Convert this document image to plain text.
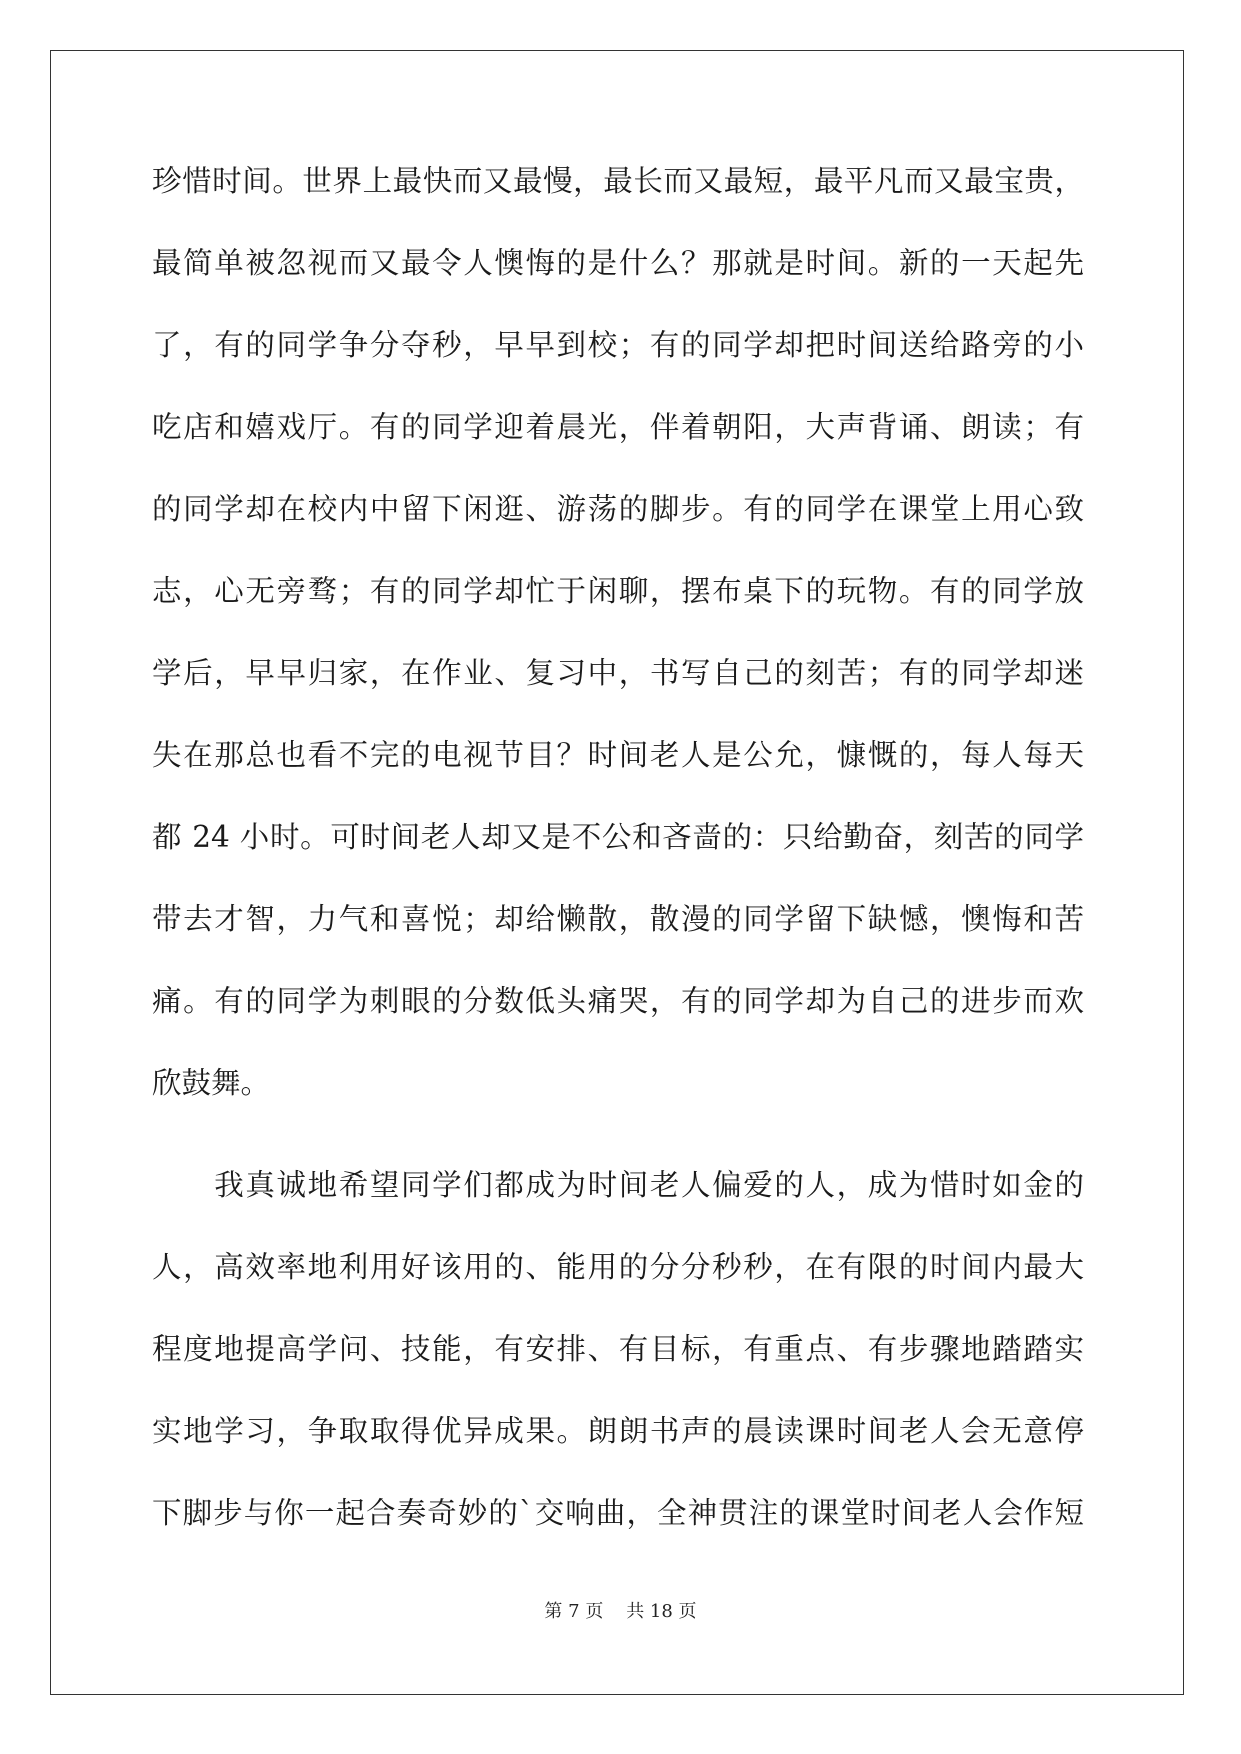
珍惜时间。世界上最快而又最慢，最长而又最短，最平凡而又最宝贵，
最简单被忽视而又最令人懊悔的是什么？那就是时间。新的一天起先
了，有的同学争分夺秒，早早到校；有的同学却把时间送给路旁的小
吃店和嬉戏厅。有的同学迎着晨光，伴着朝阳，大声背诵、朗读；有
的同学却在校内中留下闲逛、游荡的脚步。有的同学在课堂上用心致
志，心无旁骛；有的同学却忙于闲聊，摆布桌下的玩物。有的同学放
学后，早早归家，在作业、复习中，书写自己的刻苦；有的同学却迷
失在那总也看不完的电视节目？时间老人是公允，慷慨的，每人每天
都 24 小时。可时间老人却又是不公和吝啬的：只给勤奋，刻苦的同学
带去才智，力气和喜悦；却给懒散，散漫的同学留下缺憾，懊悔和苦
痛。有的同学为刺眼的分数低头痛哭，有的同学却为自己的进步而欢
欣鼓舞。
　　我真诚地希望同学们都成为时间老人偏爱的人，成为惜时如金的
人，高效率地利用好该用的、能用的分分秒秒，在有限的时间内最大
程度地提高学问、技能，有安排、有目标，有重点、有步骤地踏踏实
实地学习，争取取得优异成果。朗朗书声的晨读课时间老人会无意停
下脚步与你一起合奏奇妙的`交响曲，全神贯注的课堂时间老人会作短
第 7 页    共 18 页
